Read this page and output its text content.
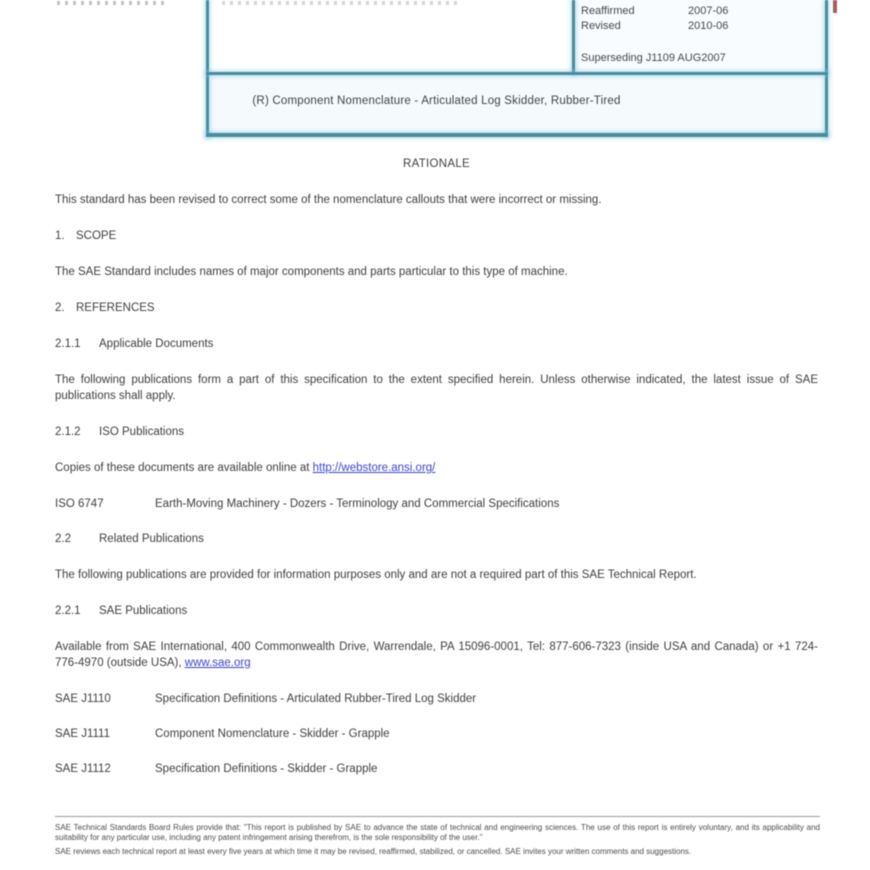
Reaffirmed	2007-06
Revised	2010-06
Superseding J1109 AUG2007
(R) Component Nomenclature - Articulated Log Skidder, Rubber-Tired

RATIONALE

This standard has been revised to correct some of the nomenclature callouts that were incorrect or missing.

1. SCOPE

The SAE Standard includes names of major components and parts particular to this type of machine.

2. REFERENCES

2.1.1 Applicable Documents

The following publications form a part of this specification to the extent specified herein. Unless otherwise indicated, the latest issue of SAE publications shall apply.

2.1.2 ISO Publications

Copies of these documents are available online at http://webstore.ansi.org/

ISO 6747	Earth-Moving Machinery - Dozers - Terminology and Commercial Specifications

2.2 Related Publications

The following publications are provided for information purposes only and are not a required part of this SAE Technical Report.

2.2.1 SAE Publications

Available from SAE International, 400 Commonwealth Drive, Warrendale, PA 15096-0001, Tel: 877-606-7323 (inside USA and Canada) or +1 724-776-4970 (outside USA), www.sae.org

SAE J1110	Specification Definitions - Articulated Rubber-Tired Log Skidder
SAE J1111	Component Nomenclature - Skidder - Grapple
SAE J1112	Specification Definitions - Skidder - Grapple

SAE Technical Standards Board Rules provide that: "This report is published by SAE to advance the state of technical and engineering sciences. The use of this report is entirely voluntary, and its applicability and suitability for any particular use, including any patent infringement arising therefrom, is the sole responsibility of the user."

SAE reviews each technical report at least every five years at which time it may be revised, reaffirmed, stabilized, or cancelled. SAE invites your written comments and suggestions.
